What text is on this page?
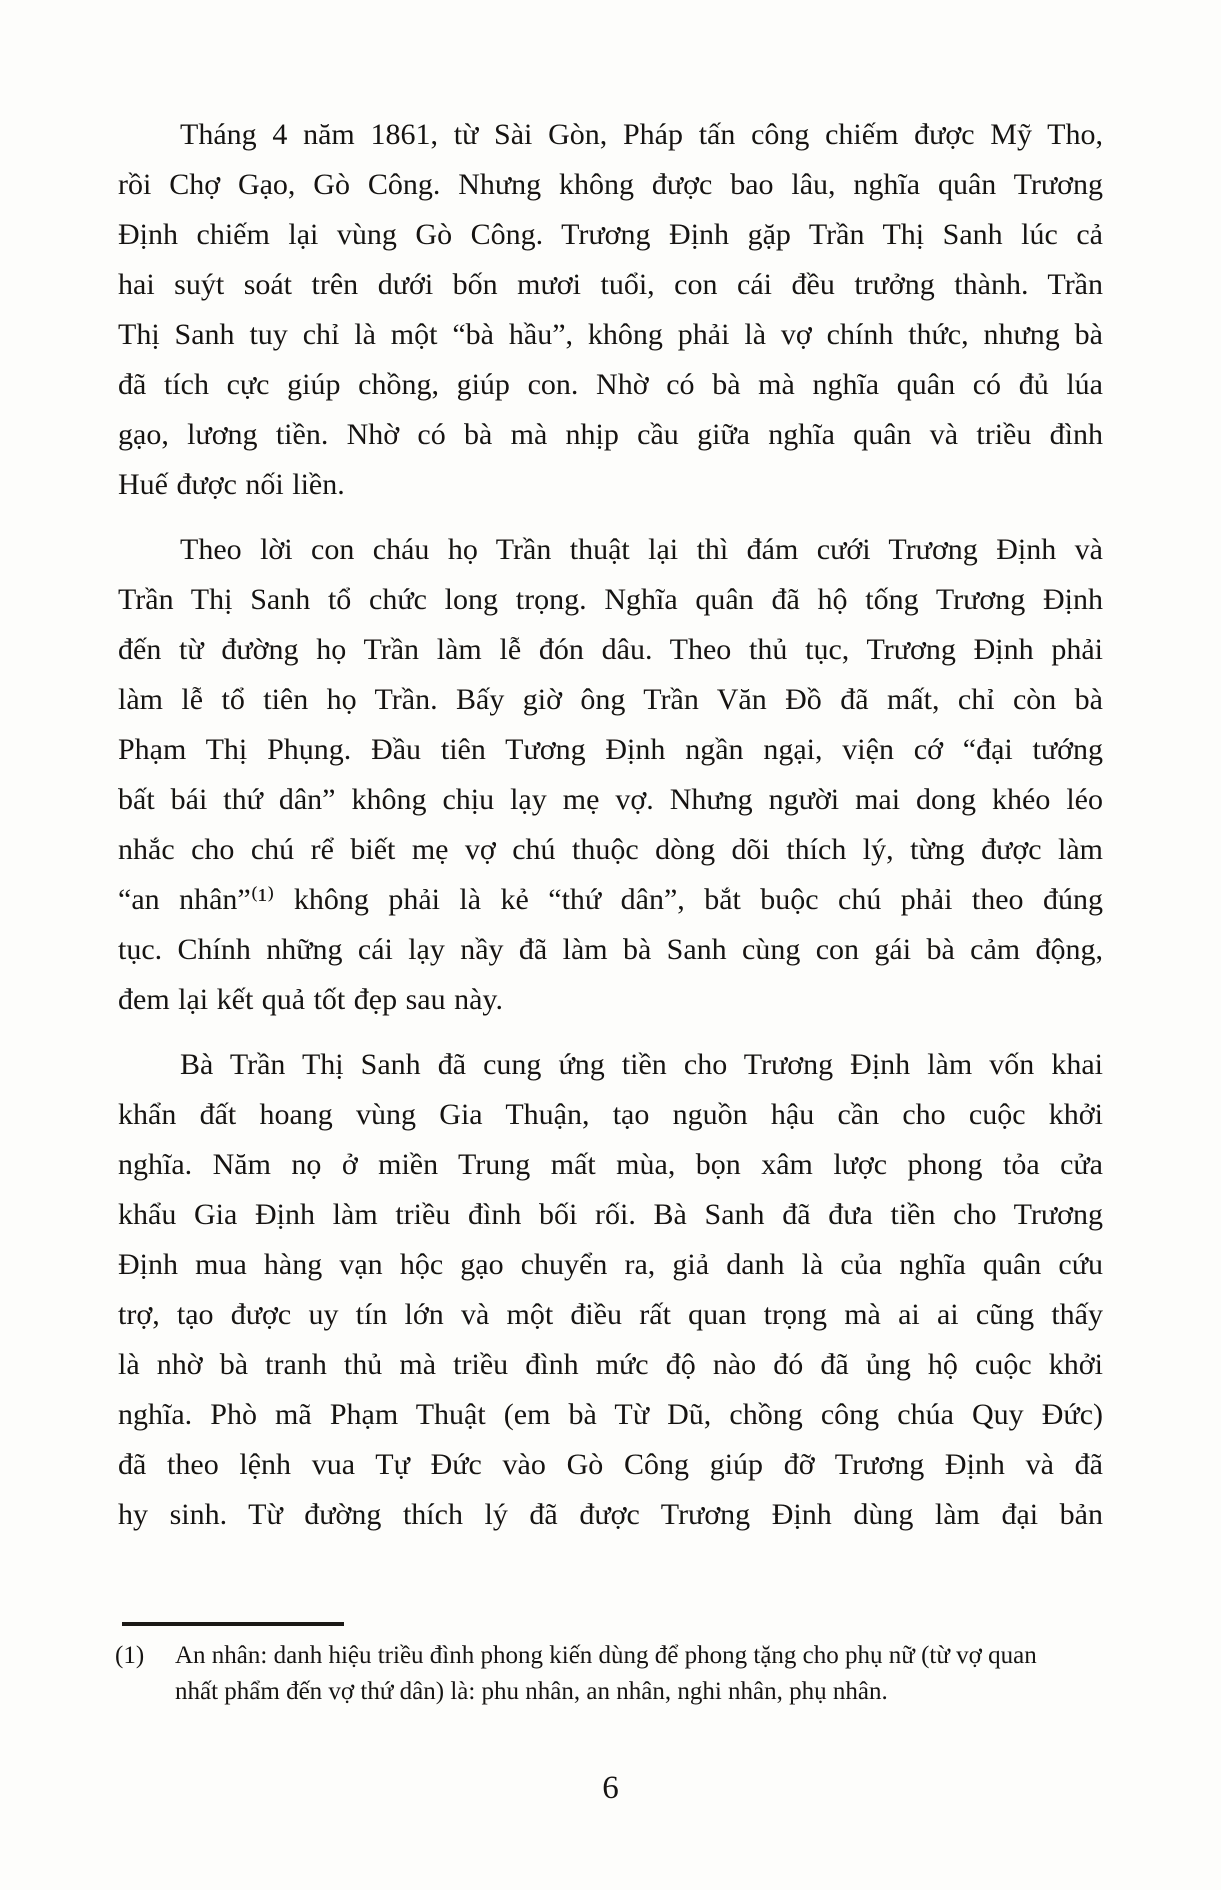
Tháng 4 năm 1861, từ Sài Gòn, Pháp tấn công chiếm được Mỹ Tho,
rồi Chợ Gạo, Gò Công. Nhưng không được bao lâu, nghĩa quân Trương
Định chiếm lại vùng Gò Công. Trương Định gặp Trần Thị Sanh lúc cả
hai suýt soát trên dưới bốn mươi tuổi, con cái đều trưởng thành. Trần
Thị Sanh tuy chỉ là một “bà hầu”, không phải là vợ chính thức, nhưng bà
đã tích cực giúp chồng, giúp con. Nhờ có bà mà nghĩa quân có đủ lúa
gạo, lương tiền. Nhờ có bà mà nhịp cầu giữa nghĩa quân và triều đình
Huế được nối liền.
Theo lời con cháu họ Trần thuật lại thì đám cưới Trương Định và
Trần Thị Sanh tổ chức long trọng. Nghĩa quân đã hộ tống Trương Định
đến từ đường họ Trần làm lễ đón dâu. Theo thủ tục, Trương Định phải
làm lễ tổ tiên họ Trần. Bấy giờ ông Trần Văn Đồ đã mất, chỉ còn bà
Phạm Thị Phụng. Đầu tiên Tương Định ngần ngại, viện cớ “đại tướng
bất bái thứ dân” không chịu lạy mẹ vợ. Nhưng người mai dong khéo léo
nhắc cho chú rể biết mẹ vợ chú thuộc dòng dõi thích lý, từng được làm
“an nhân”⁽¹⁾ không phải là kẻ “thứ dân”, bắt buộc chú phải theo đúng
tục. Chính những cái lạy nầy đã làm bà Sanh cùng con gái bà cảm động,
đem lại kết quả tốt đẹp sau này.
Bà Trần Thị Sanh đã cung ứng tiền cho Trương Định làm vốn khai
khẩn đất hoang vùng Gia Thuận, tạo nguồn hậu cần cho cuộc khởi
nghĩa. Năm nọ ở miền Trung mất mùa, bọn xâm lược phong tỏa cửa
khẩu Gia Định làm triều đình bối rối. Bà Sanh đã đưa tiền cho Trương
Định mua hàng vạn hộc gạo chuyển ra, giả danh là của nghĩa quân cứu
trợ, tạo được uy tín lớn và một điều rất quan trọng mà ai ai cũng thấy
là nhờ bà tranh thủ mà triều đình mức độ nào đó đã ủng hộ cuộc khởi
nghĩa. Phò mã Phạm Thuật (em bà Từ Dũ, chồng công chúa Quy Đức)
đã theo lệnh vua Tự Đức vào Gò Công giúp đỡ Trương Định và đã
hy sinh. Từ đường thích lý đã được Trương Định dùng làm đại bản
(1)	An nhân: danh hiệu triều đình phong kiến dùng để phong tặng cho phụ nữ (từ vợ quan
nhất phẩm đến vợ thứ dân) là: phu nhân, an nhân, nghi nhân, phụ nhân.
6
